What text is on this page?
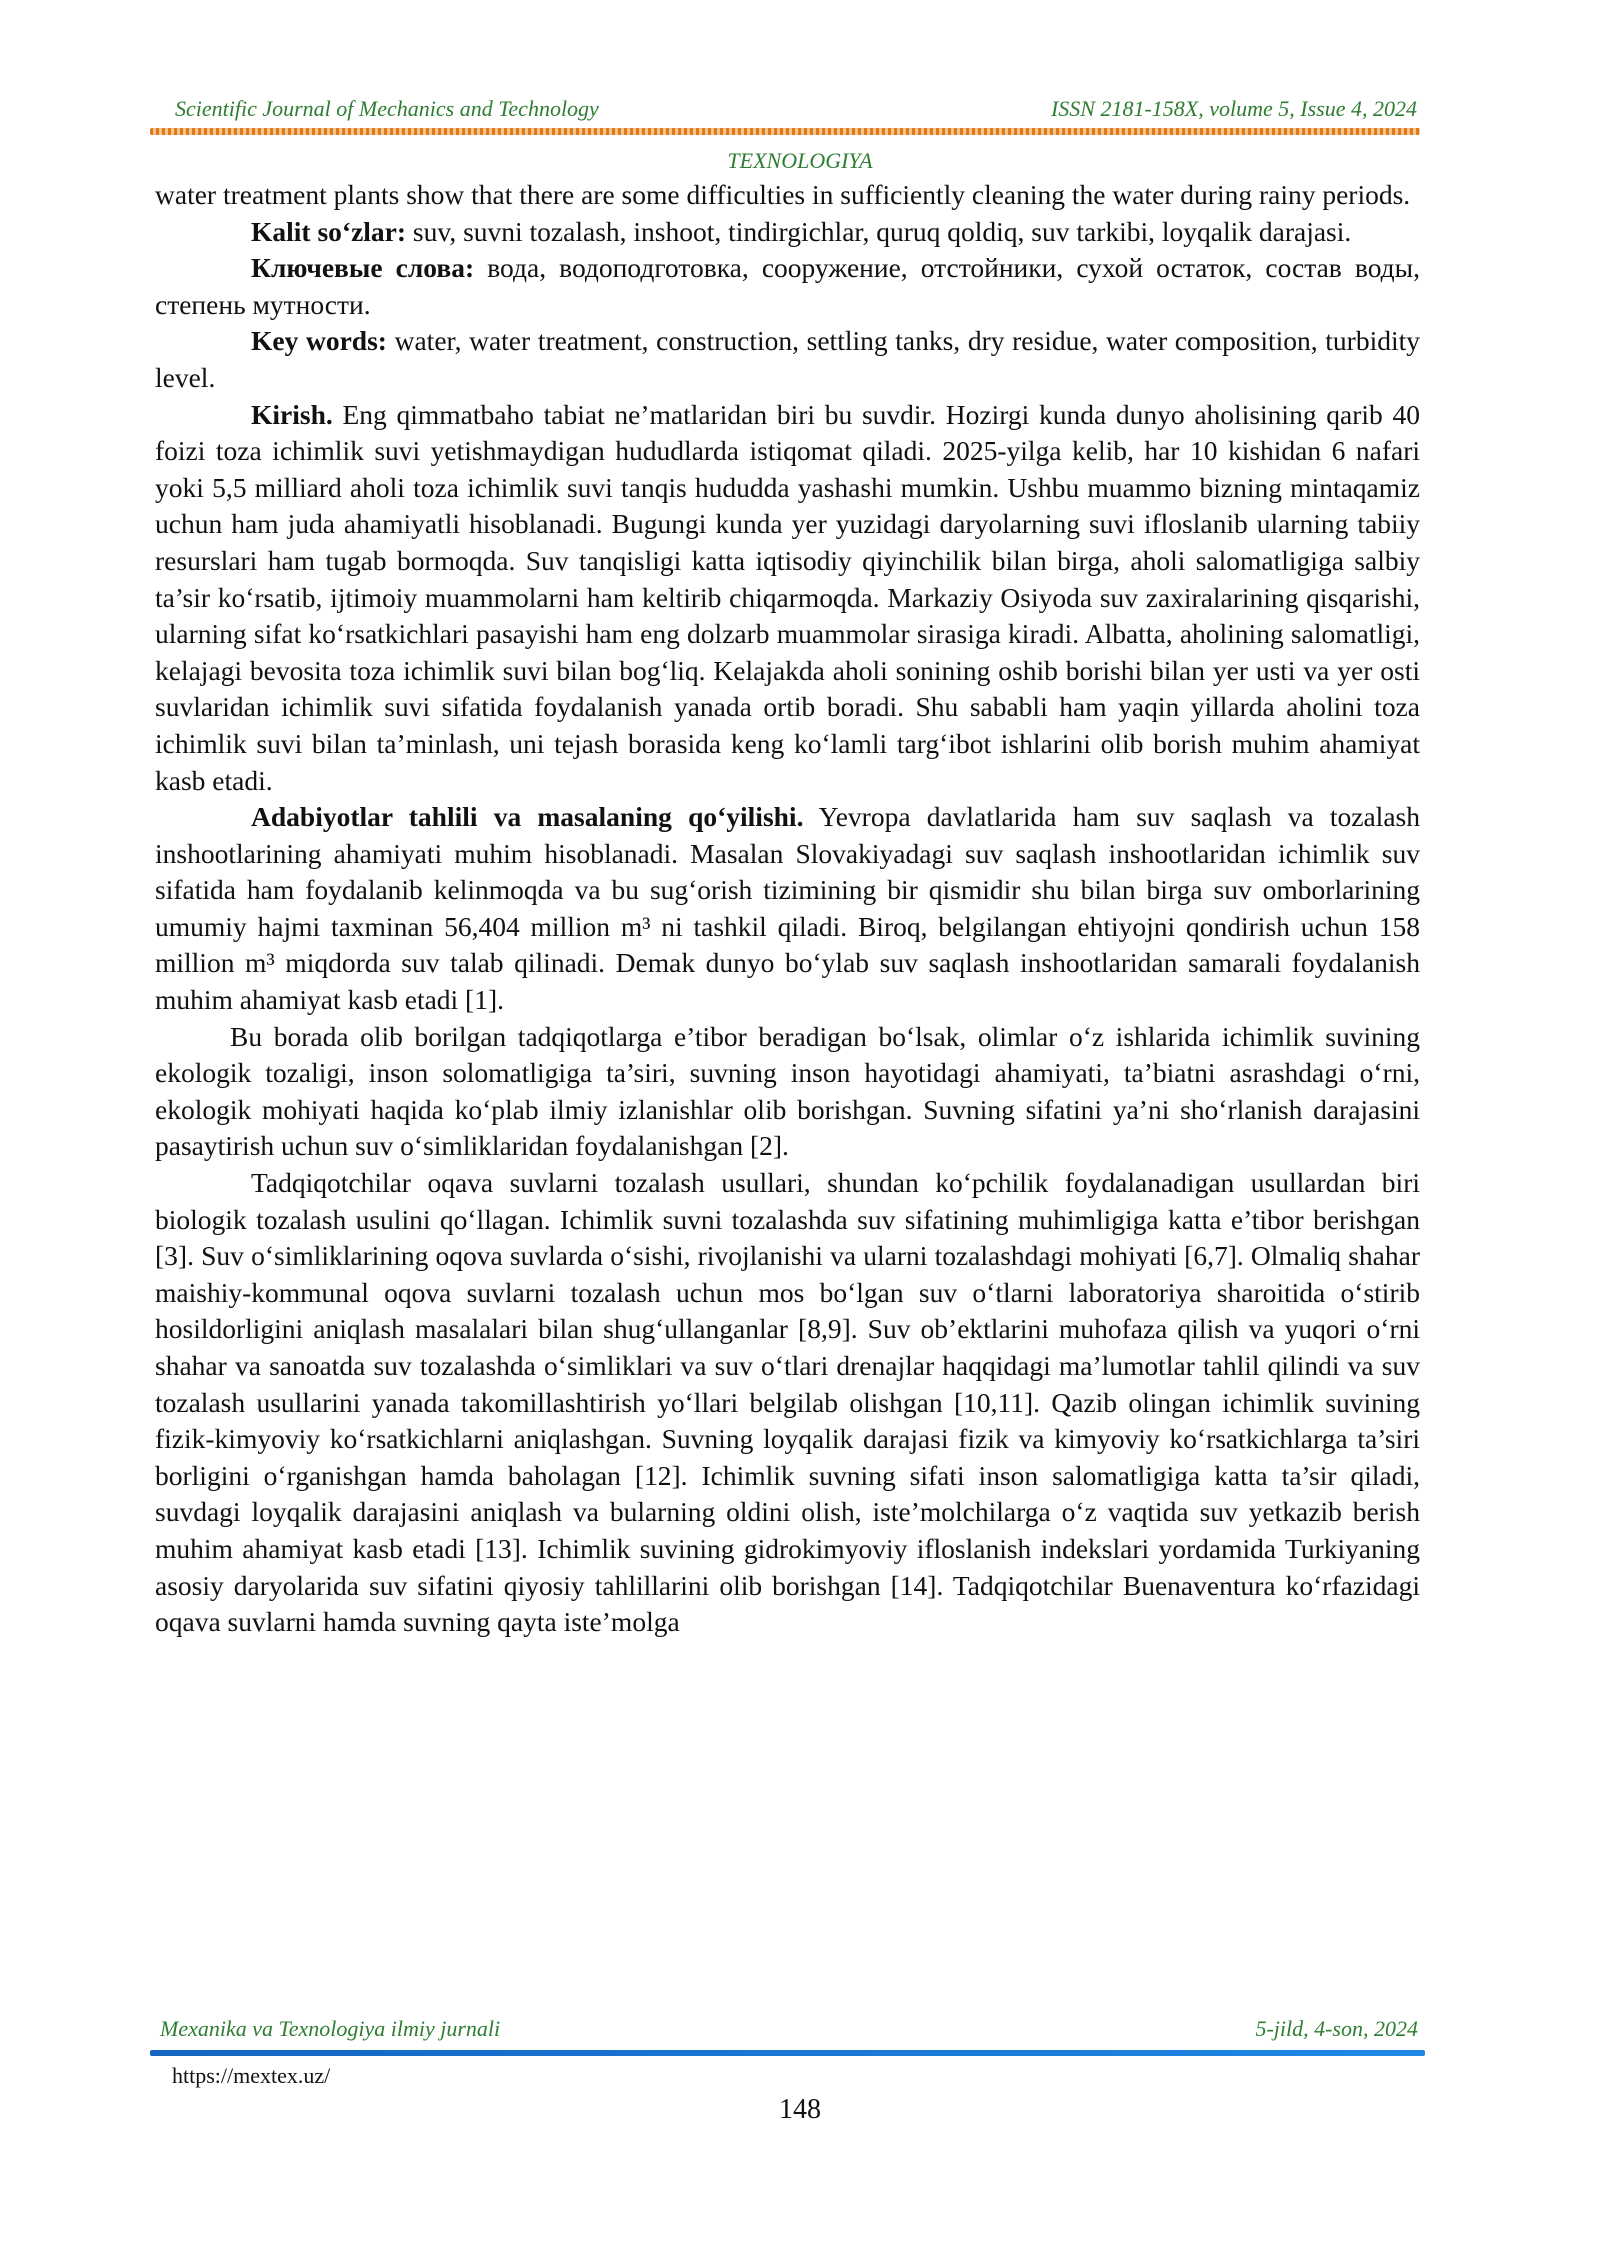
Scientific Journal of Mechanics and Technology	ISSN 2181-158X, volume 5, Issue 4, 2024
TEXNOLOGIYA

water treatment plants show that there are some difficulties in sufficiently cleaning the water during rainy periods.

Kalit so‘zlar: suv, suvni tozalash, inshoot, tindirgichlar, quruq qoldiq, suv tarkibi, loyqalik darajasi.

Ключевые слова: вода, водоподготовка, сооружение, отстойники, сухой остаток, состав воды, степень мутности.

Key words: water, water treatment, construction, settling tanks, dry residue, water composition, turbidity level.

Kirish. Eng qimmatbaho tabiat ne’matlaridan biri bu suvdir. Hozirgi kunda dunyo aholisining qarib 40 foizi toza ichimlik suvi yetishmaydigan hududlarda istiqomat qiladi. 2025-yilga kelib, har 10 kishidan 6 nafari yoki 5,5 milliard aholi toza ichimlik suvi tanqis hududda yashashi mumkin. Ushbu muammo bizning mintaqamiz uchun ham juda ahamiyatli hisoblanadi. Bugungi kunda yer yuzidagi daryolarning suvi ifloslanib ularning tabiiy resurslari ham tugab bormoqda. Suv tanqisligi katta iqtisodiy qiyinchilik bilan birga, aholi salomatligiga salbiy ta’sir ko‘rsatib, ijtimoiy muammolarni ham keltirib chiqarmoqda. Markaziy Osiyoda suv zaxiralarining qisqarishi, ularning sifat ko‘rsatkichlari pasayishi ham eng dolzarb muammolar sirasiga kiradi. Albatta, aholining salomatligi, kelajagi bevosita toza ichimlik suvi bilan bog‘liq. Kelajakda aholi sonining oshib borishi bilan yer usti va yer osti suvlaridan ichimlik suvi sifatida foydalanish yanada ortib boradi. Shu sababli ham yaqin yillarda aholini toza ichimlik suvi bilan ta’minlash, uni tejash borasida keng ko‘lamli targ‘ibot ishlarini olib borish muhim ahamiyat kasb etadi.

Adabiyotlar tahlili va masalaning qo‘yilishi. Yevropa davlatlarida ham suv saqlash va tozalash inshootlarining ahamiyati muhim hisoblanadi. Masalan Slovakiyadagi suv saqlash inshootlaridan ichimlik suv sifatida ham foydalanib kelinmoqda va bu sug‘orish tizimining bir qismidir shu bilan birga suv omborlarining umumiy hajmi taxminan 56,404 million m³ ni tashkil qiladi. Biroq, belgilangan ehtiyojni qondirish uchun 158 million m³ miqdorda suv talab qilinadi. Demak dunyo bo‘ylab suv saqlash inshootlaridan samarali foydalanish muhim ahamiyat kasb etadi [1].

Bu borada olib borilgan tadqiqotlarga e’tibor beradigan bo‘lsak, olimlar o‘z ishlarida ichimlik suvining ekologik tozaligi, inson solomatligiga ta’siri, suvning inson hayotidagi ahamiyati, ta’biatni asrashdagi o‘rni, ekologik mohiyati haqida ko‘plab ilmiy izlanishlar olib borishgan. Suvning sifatini ya’ni sho‘rlanish darajasini pasaytirish uchun suv o‘simliklaridan foydalanishgan [2].

Tadqiqotchilar oqava suvlarni tozalash usullari, shundan ko‘pchilik foydalanadigan usullardan biri biologik tozalash usulini qo‘llagan. Ichimlik suvni tozalashda suv sifatining muhimligiga katta e’tibor berishgan [3]. Suv o‘simliklarining oqova suvlarda o‘sishi, rivojlanishi va ularni tozalashdagi mohiyati [6,7]. Olmaliq shahar maishiy-kommunal oqova suvlarni tozalash uchun mos bo‘lgan suv o‘tlarni laboratoriya sharoitida o‘stirib hosildorligini aniqlash masalalari bilan shug‘ullanganlar [8,9]. Suv ob’ektlarini muhofaza qilish va yuqori o‘rni shahar va sanoatda suv tozalashda o‘simliklari va suv o‘tlari drenajlar haqqidagi ma’lumotlar tahlil qilindi va suv tozalash usullarini yanada takomillashtirish yo‘llari belgilab olishgan [10,11]. Qazib olingan ichimlik suvining fizik-kimyoviy ko‘rsatkichlarni aniqlashgan. Suvning loyqalik darajasi fizik va kimyoviy ko‘rsatkichlarga ta’siri borligini o‘rganishgan hamda baholagan [12]. Ichimlik suvning sifati inson salomatligiga katta ta’sir qiladi, suvdagi loyqalik darajasini aniqlash va bularning oldini olish, iste’molchilarga o‘z vaqtida suv yetkazib berish muhim ahamiyat kasb etadi [13]. Ichimlik suvining gidrokimyoviy ifloslanish indekslari yordamida Turkiyaning asosiy daryolarida suv sifatini qiyosiy tahlillarini olib borishgan [14]. Tadqiqotchilar Buenaventura ko‘rfazidagi oqava suvlarni hamda suvning qayta iste’molga

Mexanika va Texnologiya ilmiy jurnali	5-jild, 4-son, 2024
https://mextex.uz/
148
